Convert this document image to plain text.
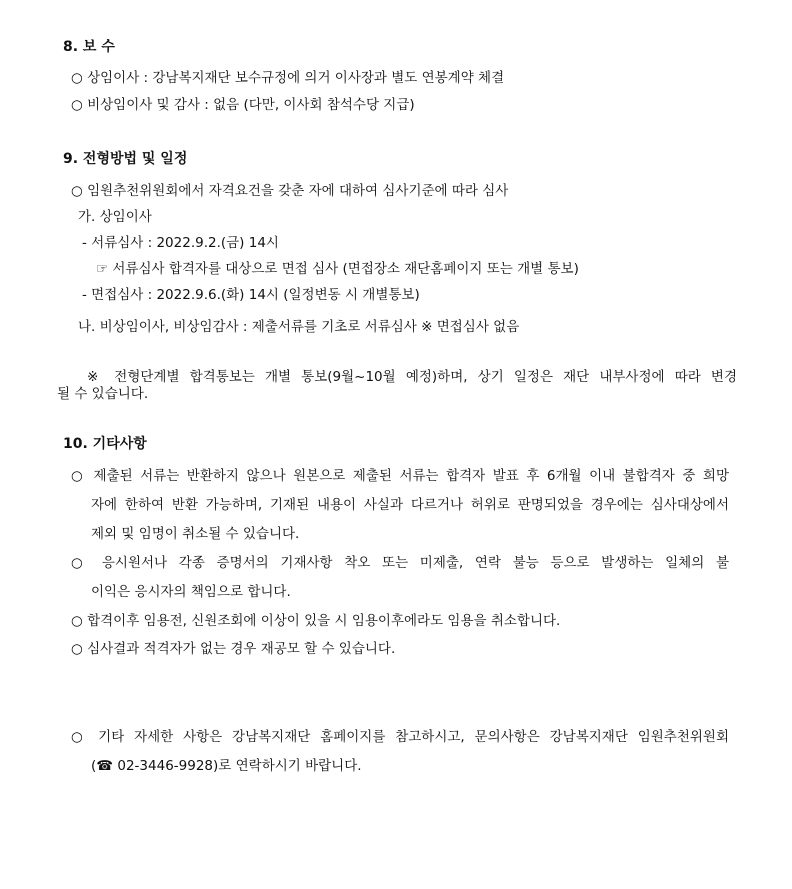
8. 보 수
○ 상임이사 : 강남복지재단 보수규정에 의거 이사장과 별도 연봉계약 체결
○ 비상임이사 및 감사 : 없음 (다만, 이사회 참석수당 지급)
9. 전형방법 및 일정
○ 임원추천위원회에서 자격요건을 갖춘 자에 대하여 심사기준에 따라 심사
가. 상임이사
- 서류심사 : 2022.9.2.(금) 14시
☞ 서류심사 합격자를 대상으로 면접 심사 (면접장소 재단홈페이지 또는 개별 통보)
- 면접심사 : 2022.9.6.(화) 14시 (일정변동 시 개별통보)
나. 비상임이사, 비상임감사 : 제출서류를 기초로 서류심사 ※ 면접심사 없음
※ 전형단계별 합격통보는 개별 통보(9월~10월 예정)하며, 상기 일정은 재단 내부사정에 따라 변경
될 수 있습니다.
10. 기타사항
○ 제출된 서류는 반환하지 않으나 원본으로 제출된 서류는 합격자 발표 후 6개월 이내 불합격자 중 희망
자에 한하여 반환 가능하며, 기재된 내용이 사실과 다르거나 허위로 판명되었을 경우에는 심사대상에서
제외 및 임명이 취소될 수 있습니다.
○ 응시원서나 각종 증명서의 기재사항 착오 또는 미제출, 연락 불능 등으로 발생하는 일체의 불
이익은 응시자의 책임으로 합니다.
○ 합격이후 임용전, 신원조회에 이상이 있을 시 임용이후에라도 임용을 취소합니다.
○ 심사결과 적격자가 없는 경우 재공모 할 수 있습니다.
○ 기타 자세한 사항은 강남복지재단 홈페이지를 참고하시고, 문의사항은 강남복지재단 임원추천위원회
(☎ 02-3446-9928)로 연락하시기 바랍니다.
